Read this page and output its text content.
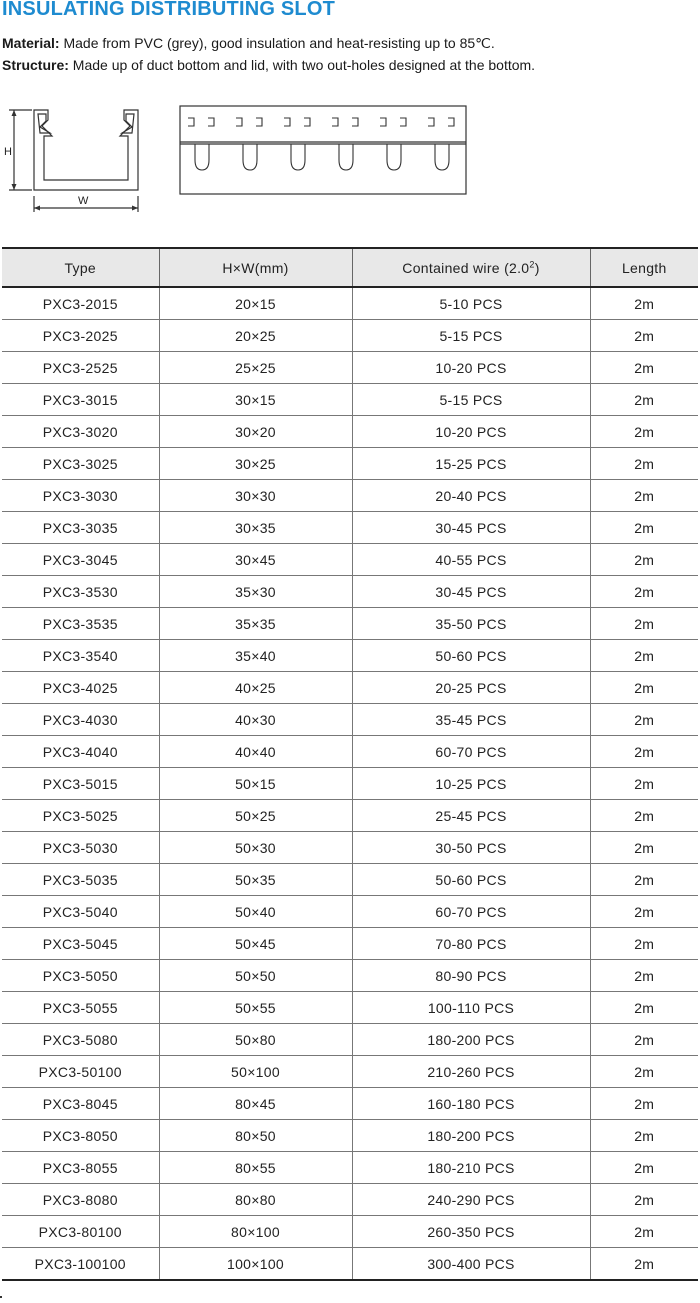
INSULATING DISTRIBUTING SLOT
Material: Made from PVC (grey), good insulation and heat-resisting up to 85℃.
Structure: Made up of duct bottom and lid, with two out-holes designed at the bottom.
H
W
Type	H×W(mm)	Contained wire $(2.0^2)$	Length
PXC3-2015	20×15	5-10 PCS	2m
PXC3-2025	20×25	5-15 PCS	2m
PXC3-2525	25×25	10-20 PCS	2m
PXC3-3015	30×15	5-15 PCS	2m
PXC3-3020	30×20	10-20 PCS	2m
PXC3-3025	30×25	15-25 PCS	2m
PXC3-3030	30×30	20-40 PCS	2m
PXC3-3035	30×35	30-45 PCS	2m
PXC3-3045	30×45	40-55 PCS	2m
PXC3-3530	35×30	30-45 PCS	2m
PXC3-3535	35×35	35-50 PCS	2m
PXC3-3540	35×40	50-60 PCS	2m
PXC3-4025	40×25	20-25 PCS	2m
PXC3-4030	40×30	35-45 PCS	2m
PXC3-4040	40×40	60-70 PCS	2m
PXC3-5015	50×15	10-25 PCS	2m
PXC3-5025	50×25	25-45 PCS	2m
PXC3-5030	50×30	30-50 PCS	2m
PXC3-5035	50×35	50-60 PCS	2m
PXC3-5040	50×40	60-70 PCS	2m
PXC3-5045	50×45	70-80 PCS	2m
PXC3-5050	50×50	80-90 PCS	2m
PXC3-5055	50×55	100-110 PCS	2m
PXC3-5080	50×80	180-200 PCS	2m
PXC3-50100	50×100	210-260 PCS	2m
PXC3-8045	80×45	160-180 PCS	2m
PXC3-8050	80×50	180-200 PCS	2m
PXC3-8055	80×55	180-210 PCS	2m
PXC3-8080	80×80	240-290 PCS	2m
PXC3-80100	80×100	260-350 PCS	2m
PXC3-100100	100×100	300-400 PCS	2m
